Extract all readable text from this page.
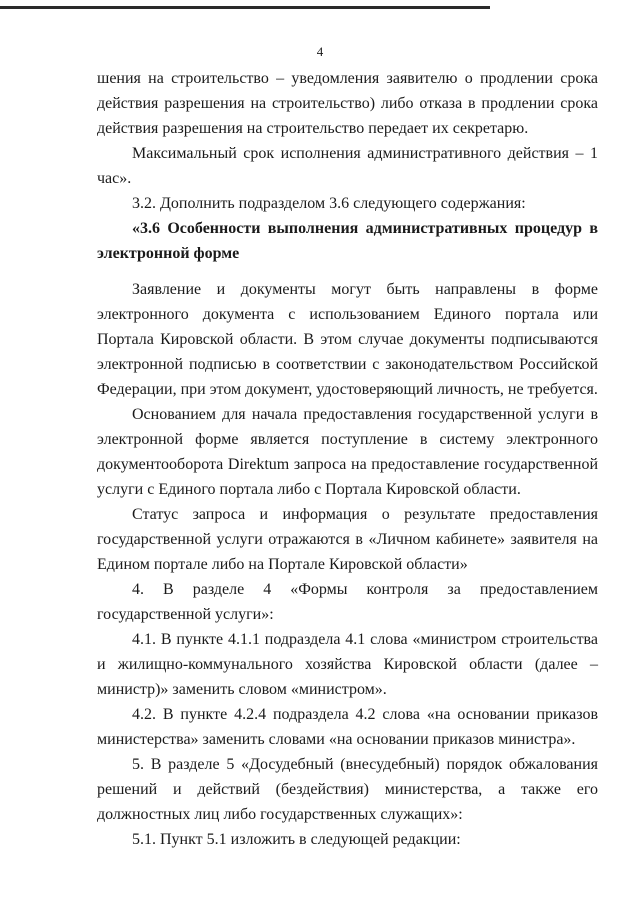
4

шения на строительство – уведомления заявителю о продлении срока действия разрешения на строительство) либо отказа в продлении срока действия разрешения на строительство передает их секретарю.

Максимальный срок исполнения административного действия – 1 час».

3.2. Дополнить подразделом 3.6 следующего содержания:

«3.6 Особенности выполнения административных процедур в электронной форме

Заявление и документы могут быть направлены в форме электронного документа с использованием Единого портала или Портала Кировской области. В этом случае документы подписываются электронной подписью в соответствии с законодательством Российской Федерации, при этом документ, удостоверяющий личность, не требуется.

Основанием для начала предоставления государственной услуги в электронной форме является поступление в систему электронного документооборота Direktum запроса на предоставление государственной услуги с Единого портала либо с Портала Кировской области.

Статус запроса и информация о результате предоставления государственной услуги отражаются в «Личном кабинете» заявителя на Едином портале либо на Портале Кировской области»

4. В разделе 4 «Формы контроля за предоставлением государственной услуги»:

4.1. В пункте 4.1.1 подраздела 4.1 слова «министром строительства и жилищно-коммунального хозяйства Кировской области (далее – министр)» заменить словом «министром».

4.2. В пункте 4.2.4 подраздела 4.2 слова «на основании приказов министерства» заменить словами «на основании приказов министра».

5. В разделе 5 «Досудебный (внесудебный) порядок обжалования решений и действий (бездействия) министерства, а также его должностных лиц либо государственных служащих»:

5.1. Пункт 5.1 изложить в следующей редакции:
